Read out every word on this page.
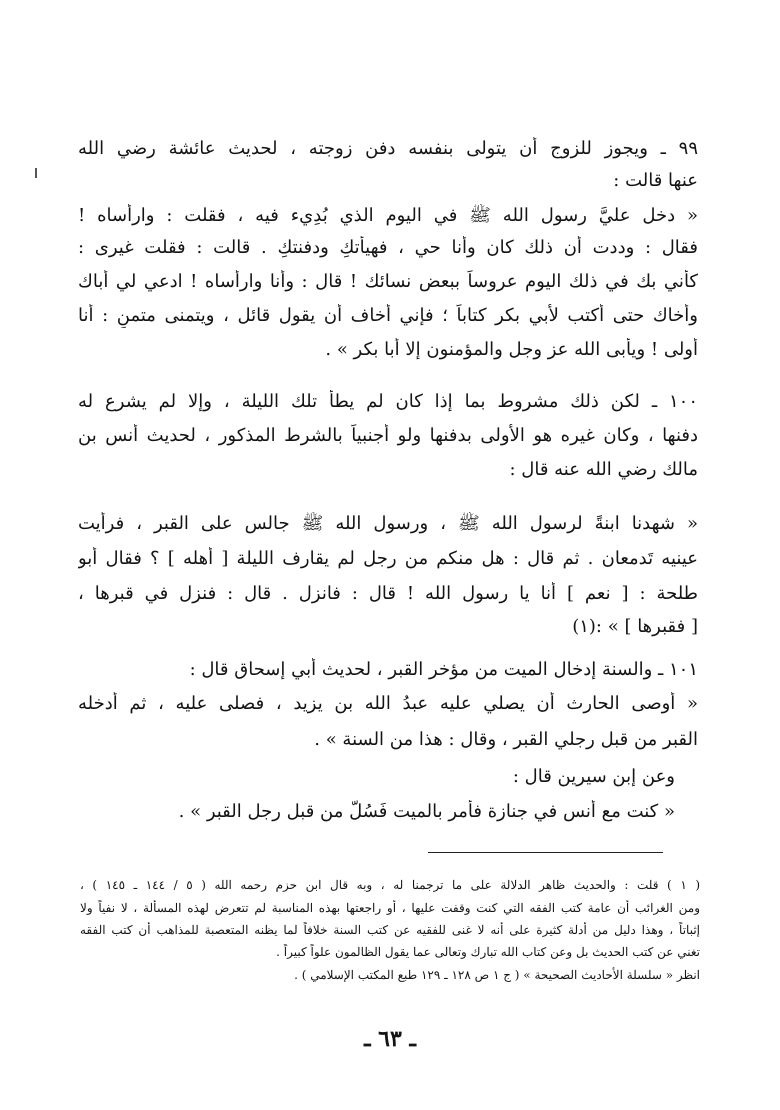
٩٩ ـ ويجوز للزوج أن يتولى بنفسه دفن زوجته ، لحديث عائشة رضي الله
عنها قالت :
« دخل عليَّ رسول الله ﷺ في اليوم الذي بُدِيء فيه ، فقلت : وارأساه !
فقال : وددت أن ذلك كان وأنا حي ، فهيأتكِ ودفنتكِ . قالت : فقلت غيرى :
كأني بك في ذلك اليوم عروساً ببعض نسائك ! قال : وأنا وارأساه ! ادعي لي أباك
وأخاك حتى أكتب لأبي بكر كتاباً ؛ فإني أخاف أن يقول قائل ، ويتمنى متمنٍ : أنا
أولى ! ويأبى الله عز وجل والمؤمنون إلا أبا بكر » .
١٠٠ ـ لكن ذلك مشروط بما إذا كان لم يطأ تلك الليلة ، وإلا لم يشرع له
دفنها ، وكان غيره هو الأولى بدفنها ولو أجنبياً بالشرط المذكور ، لحديث أنس بن
مالك رضي الله عنه قال :
« شهدنا ابنةً لرسول الله ﷺ ، ورسول الله ﷺ جالس على القبر ، فرأيت
عينيه تَدمعان . ثم قال : هل منكم من رجل لم يقارف الليلة [ أهله ] ؟ فقال أبو
طلحة : [ نعم ] أنا يا رسول الله ! قال : فانزل . قال : فنزل في قبرها ،
[ فقبرها ] » :(١)
١٠١ ـ والسنة إدخال الميت من مؤخر القبر ، لحديث أبي إسحاق قال :
« أوصى الحارث أن يصلي عليه عبدُ الله بن يزيد ، فصلى عليه ، ثم أدخله
القبر من قبل رجلي القبر ، وقال : هذا من السنة » .
وعن إبن سيرين قال :
« كنت مع أنس في جنازة فأمر بالميت فَسُلَّ من قبل رجل القبر » .
( ١ ) قلت : والحديث ظاهر الدلالة على ما ترجمنا له ، وبه قال ابن حزم رحمه الله ( ٥ / ١٤٤ ـ ١٤٥ ) ،
ومن الغرائب أن عامة كتب الفقه التي كنت وقفت عليها ، أو راجعتها بهذه المناسبة لم تتعرض لهذه المسألة ، لا نفياً ولا
إثباتاً ، وهذا دليل من أدلة كثيرة على أنه لا غنى للفقيه عن كتب السنة خلافاً لما يظنه المتعصبة للمذاهب أن كتب الفقه
تغني عن كتب الحديث بل وعن كتاب الله تبارك وتعالى عما يقول الظالمون علواً كبيراً .
انظر « سلسلة الأحاديث الصحيحة » ( ج ١ ص ١٢٨ ـ ١٢٩ طبع المكتب الإسلامي ) .
ـ ٦٣ ـ
